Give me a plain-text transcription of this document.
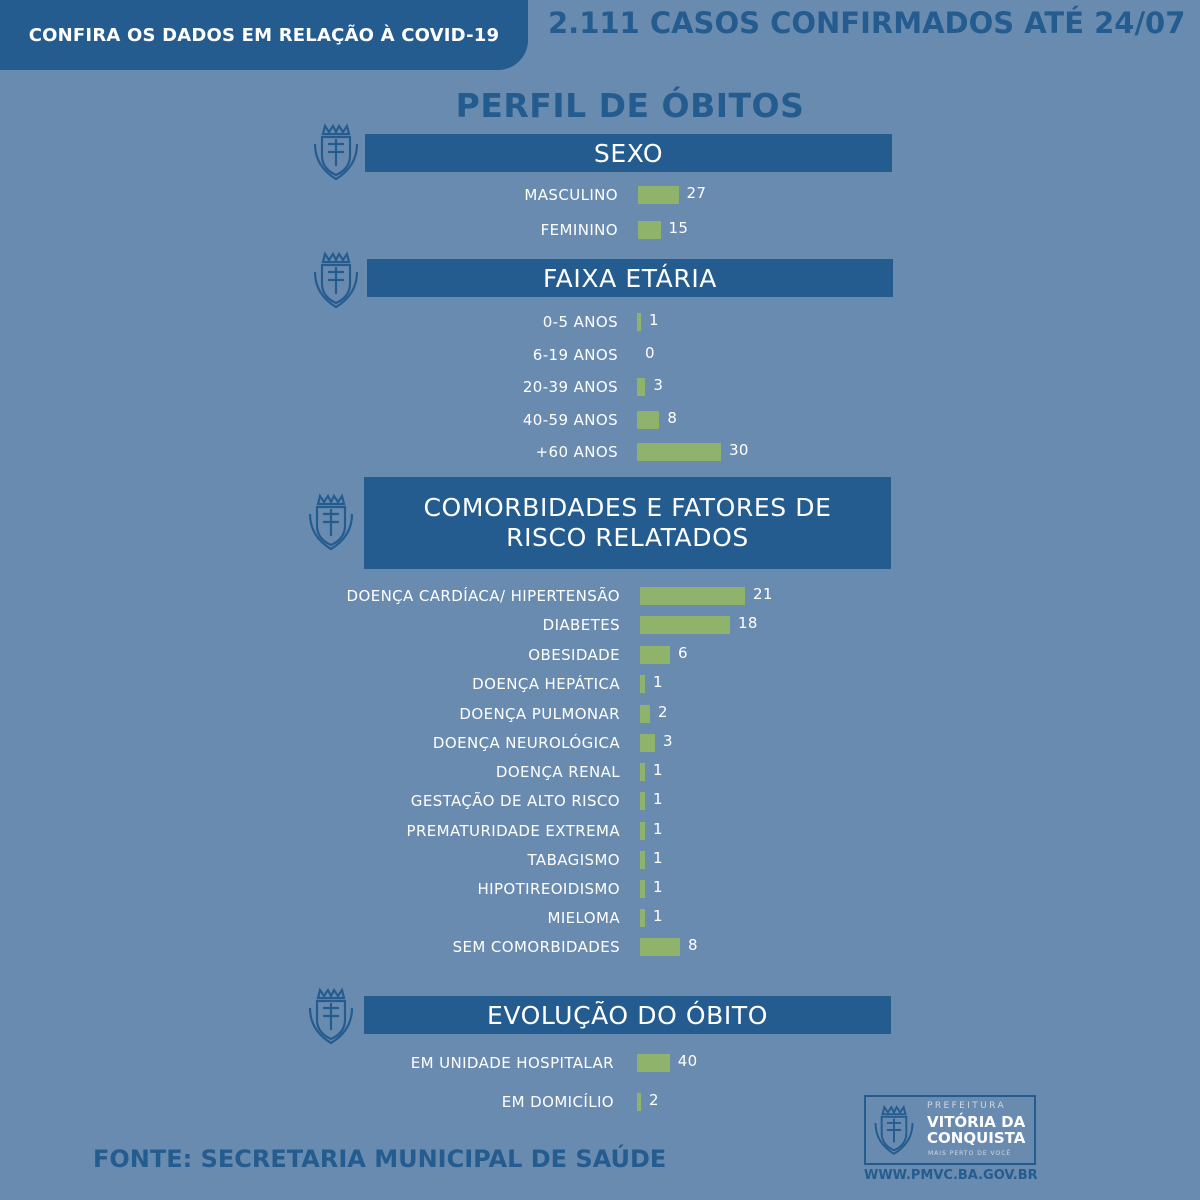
CONFIRA OS DADOS EM RELAÇÃO À COVID-19 2.111 CASOS CONFIRMADOS ATÉ 24/07
PERFIL DE ÓBITOS
SEXO
MASCULINO	27
FEMININO	15
FAIXA ETÁRIA
0-5 ANOS 1
6-19 ANOS 0
20-39 ANOS 3
40-59 ANOS	8
+60 ANOS	30
COMORBIDADES E FATORES DE RISCO RELATADOS
DOENÇA CARDÍACA/ HIPERTENSÃO	21
DIABETES	18
OBESIDADE	6
DOENÇA HEPÁTICA 1
DOENÇA PULMONAR	2
DOENÇA NEUROLÓGICA	3
DOENÇA RENAL 1
GESTAÇÃO DE ALTO RISCO 1
PREMATURIDADE EXTREMA 1
TABAGISMO 1
HIPOTIREOIDISMO 1
MIELOMA 1
SEM COMORBIDADES	8
EVOLUÇÃO DO ÓBITO
EM UNIDADE HOSPITALAR	40
EM DOMICÍLIO 2
FONTE: SECRETARIA MUNICIPAL DE SAÚDE
PREFEITURA
VITÓRIA DA
CONQUISTA
MAIS PERTO DE VOCÊ
WWW.PMVC.BA.GOV.BR
